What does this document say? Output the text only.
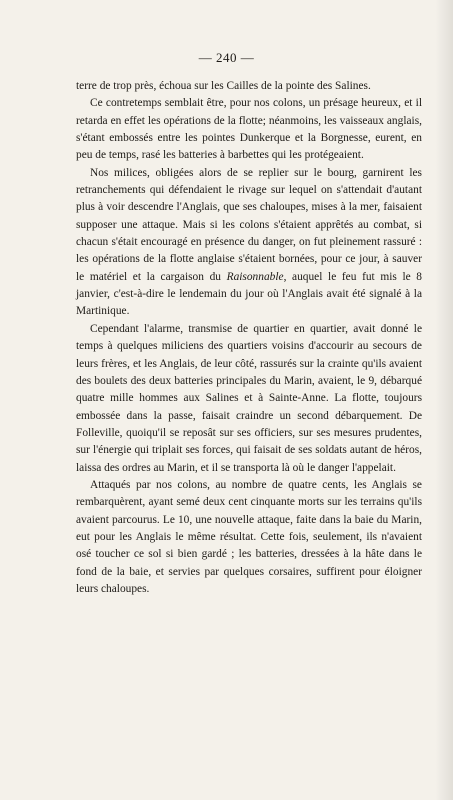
— 240 —

terre de trop près, échoua sur les Cailles de la pointe des Salines.

Ce contretemps semblait être, pour nos colons, un présage heureux, et il retarda en effet les opérations de la flotte; néanmoins, les vaisseaux anglais, s'étant embossés entre les pointes Dunkerque et la Borgnesse, eurent, en peu de temps, rasé les batteries à barbettes qui les protégeaient.

Nos milices, obligées alors de se replier sur le bourg, garnirent les retranchements qui défendaient le rivage sur lequel on s'attendait d'autant plus à voir descendre l'Anglais, que ses chaloupes, mises à la mer, faisaient supposer une attaque. Mais si les colons s'étaient apprêtés au combat, si chacun s'était encouragé en présence du danger, on fut pleinement rassuré : les opérations de la flotte anglaise s'étaient bornées, pour ce jour, à sauver le matériel et la cargaison du Raisonnable, auquel le feu fut mis le 8 janvier, c'est-à-dire le lendemain du jour où l'Anglais avait été signalé à la Martinique.

Cependant l'alarme, transmise de quartier en quartier, avait donné le temps à quelques miliciens des quartiers voisins d'accourir au secours de leurs frères, et les Anglais, de leur côté, rassurés sur la crainte qu'ils avaient des boulets des deux batteries principales du Marin, avaient, le 9, débarqué quatre mille hommes aux Salines et à Sainte-Anne. La flotte, toujours embossée dans la passe, faisait craindre un second débarquement. De Folleville, quoiqu'il se reposât sur ses officiers, sur ses mesures prudentes, sur l'énergie qui triplait ses forces, qui faisait de ses soldats autant de héros, laissa des ordres au Marin, et il se transporta là où le danger l'appelait.

Attaqués par nos colons, au nombre de quatre cents, les Anglais se rembarquèrent, ayant semé deux cent cinquante morts sur les terrains qu'ils avaient parcourus. Le 10, une nouvelle attaque, faite dans la baie du Marin, eut pour les Anglais le même résultat. Cette fois, seulement, ils n'avaient osé toucher ce sol si bien gardé ; les batteries, dressées à la hâte dans le fond de la baie, et servies par quelques corsaires, suffirent pour éloigner leurs chaloupes.
